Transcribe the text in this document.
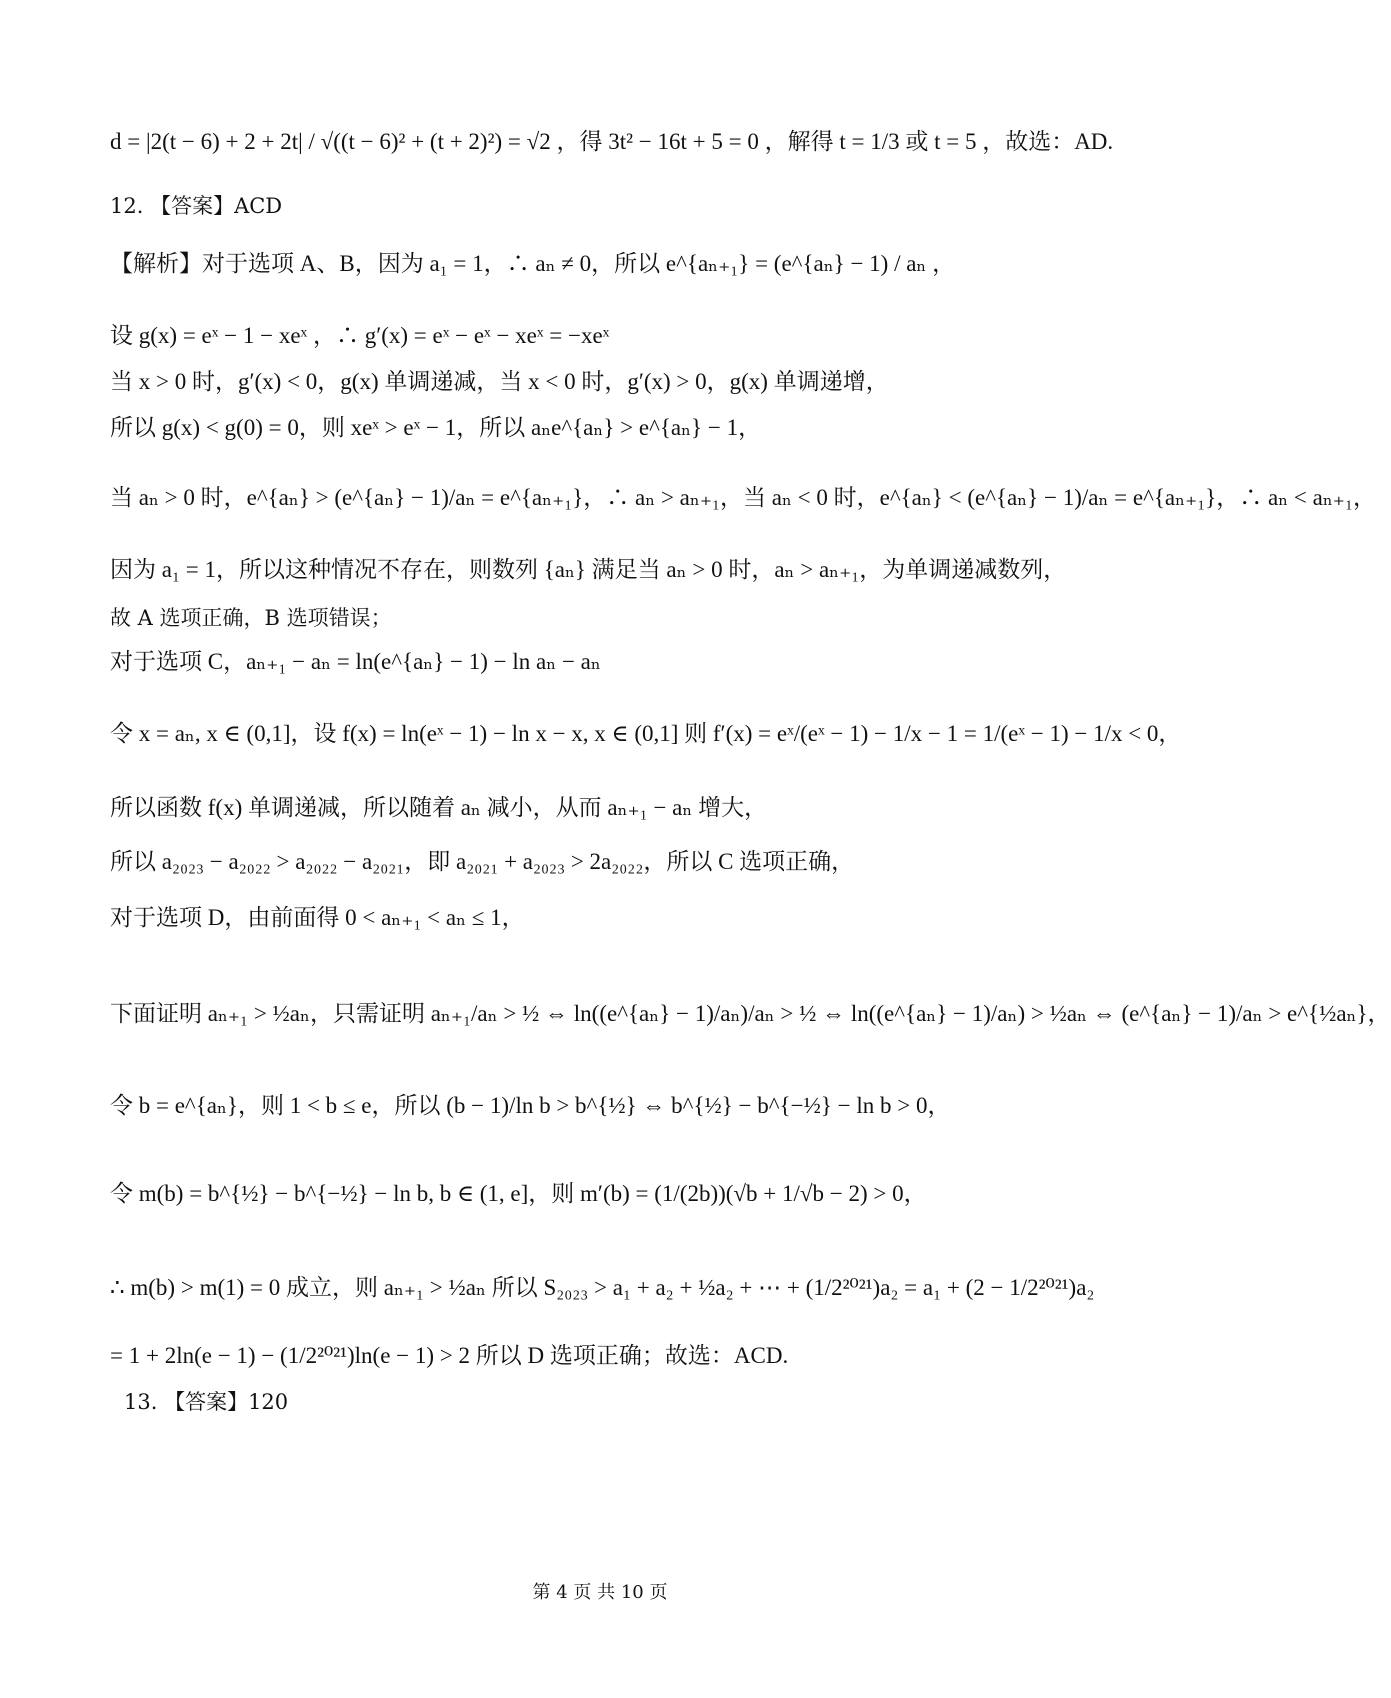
d = |2(t − 6) + 2 + 2t| / √((t − 6)² + (t + 2)²) = √2 ，得 3t² − 16t + 5 = 0 ，解得 t = 1/3 或 t = 5 ，故选：AD.
12. 【答案】ACD
【解析】对于选项 A、B，因为 a₁ = 1，∴ aₙ ≠ 0，所以 e^{aₙ₊₁} = (e^{aₙ} − 1) / aₙ ，
设 g(x) = eˣ − 1 − xeˣ ，∴ g′(x) = eˣ − eˣ − xeˣ = −xeˣ
当 x > 0 时，g′(x) < 0，g(x) 单调递减，当 x < 0 时，g′(x) > 0，g(x) 单调递增，
所以 g(x) < g(0) = 0，则 xeˣ > eˣ − 1，所以 aₙe^{aₙ} > e^{aₙ} − 1，
当 aₙ > 0 时，e^{aₙ} > (e^{aₙ} − 1)/aₙ = e^{aₙ₊₁}，∴ aₙ > aₙ₊₁，当 aₙ < 0 时，e^{aₙ} < (e^{aₙ} − 1)/aₙ = e^{aₙ₊₁}，∴ aₙ < aₙ₊₁，
因为 a₁ = 1，所以这种情况不存在，则数列 {aₙ} 满足当 aₙ > 0 时，aₙ > aₙ₊₁，为单调递减数列，
故 A 选项正确，B 选项错误；
对于选项 C，aₙ₊₁ − aₙ = ln(e^{aₙ} − 1) − ln aₙ − aₙ
令 x = aₙ, x ∈ (0,1]，设 f(x) = ln(eˣ − 1) − ln x − x, x ∈ (0,1] 则 f′(x) = eˣ/(eˣ − 1) − 1/x − 1 = 1/(eˣ − 1) − 1/x < 0，
所以函数 f(x) 单调递减，所以随着 aₙ 减小，从而 aₙ₊₁ − aₙ 增大，
所以 a₂₀₂₃ − a₂₀₂₂ > a₂₀₂₂ − a₂₀₂₁，即 a₂₀₂₁ + a₂₀₂₃ > 2a₂₀₂₂，所以 C 选项正确，
对于选项 D，由前面得 0 < aₙ₊₁ < aₙ ≤ 1，
下面证明 aₙ₊₁ > ½aₙ，只需证明 aₙ₊₁/aₙ > ½ ⇔ ln((e^{aₙ} − 1)/aₙ)/aₙ > ½ ⇔ ln((e^{aₙ} − 1)/aₙ) > ½aₙ ⇔ (e^{aₙ} − 1)/aₙ > e^{½aₙ}，
令 b = e^{aₙ}，则 1 < b ≤ e，所以 (b − 1)/ln b > b^{½} ⇔ b^{½} − b^{−½} − ln b > 0，
令 m(b) = b^{½} − b^{−½} − ln b, b ∈ (1, e]，则 m′(b) = (1/(2b))(√b + 1/√b − 2) > 0，
∴ m(b) > m(1) = 0 成立，则 aₙ₊₁ > ½aₙ 所以 S₂₀₂₃ > a₁ + a₂ + ½a₂ + ⋯ + (1/2²⁰²¹)a₂ = a₁ + (2 − 1/2²⁰²¹)a₂
= 1 + 2ln(e − 1) − (1/2²⁰²¹)ln(e − 1) > 2 所以 D 选项正确；故选：ACD.
13. 【答案】120
第 4 页 共 10 页
